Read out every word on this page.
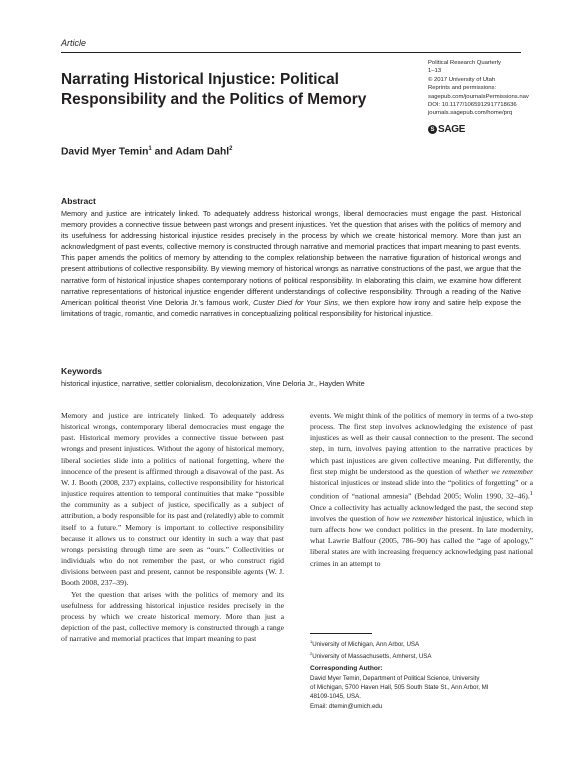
Article
Narrating Historical Injustice: Political Responsibility and the Politics of Memory
Political Research Quarterly
1–13
© 2017 University of Utah
Reprints and permissions:
sagepub.com/journalsPermissions.nav
DOI: 10.1177/1065912917718636
journals.sagepub.com/home/prq
S SAGE
David Myer Temin$^1$ and Adam Dahl$^2$
Abstract

Memory and justice are intricately linked. To adequately address historical wrongs, liberal democracies must engage the past. Historical memory provides a connective tissue between past wrongs and present injustices. Yet the question that arises with the politics of memory and its usefulness for addressing historical injustice resides precisely in the process by which we create historical memory. More than just an acknowledgment of past events, collective memory is constructed through narrative and memorial practices that impart meaning to past events. This paper amends the politics of memory by attending to the complex relationship between the narrative figuration of historical wrongs and present attributions of collective responsibility. By viewing memory of historical wrongs as narrative constructions of the past, we argue that the narrative form of historical injustice shapes contemporary notions of political responsibility. In elaborating this claim, we examine how different narrative representations of historical injustice engender different understandings of collective responsibility. Through a reading of the Native American political theorist Vine Deloria Jr.’s famous work, Custer Died for Your Sins, we then explore how irony and satire help expose the limitations of tragic, romantic, and comedic narratives in conceptualizing political responsibility for historical injustice.

Keywords
historical injustice, narrative, settler colonialism, decolonization, Vine Deloria Jr., Hayden White

Memory and justice are intricately linked. To adequately address historical wrongs, contemporary liberal democracies must engage the past. Historical memory provides a connective tissue between past wrongs and present injustices. Without the agony of historical memory, liberal societies slide into a politics of national forgetting, where the innocence of the present is affirmed through a disavowal of the past. As W. J. Booth (2008, 237) explains, collective responsibility for historical injustice requires attention to temporal continuities that make “possible the community as a subject of justice, specifically as a subject of attribution, a body responsible for its past and (relatedly) able to commit itself to a future.” Memory is important to collective responsibility because it allows us to construct our identity in such a way that past wrongs persisting through time are seen as “ours.” Collectivities or individuals who do not remember the past, or who construct rigid divisions between past and present, cannot be responsible agents (W. J. Booth 2008, 237–39).

Yet the question that arises with the politics of memory and its usefulness for addressing historical injustice resides precisely in the process by which we create historical memory. More than just a depiction of the past, collective memory is constructed through a range of narrative and memorial practices that impart meaning to past

events. We might think of the politics of memory in terms of a two-step process. The first step involves acknowledging the existence of past injustices as well as their causal connection to the present. The second step, in turn, involves paying attention to the narrative practices by which past injustices are given collective meaning. Put differently, the first step might be understood as the question of whether we remember historical injustices or instead slide into the “politics of forgetting” or a condition of “national amnesia” (Behdad 2005; Wolin 1990, 32–46).$^1$ Once a collectivity has actually acknowledged the past, the second step involves the question of how we remember historical injustice, which in turn affects how we conduct politics in the present. In late modernity, what Lawrie Balfour (2005, 786–90) has called the “age of apology,” liberal states are with increasing frequency acknowledging past national crimes in an attempt to

$^1$University of Michigan, Ann Arbor, USA
$^2$University of Massachusetts, Amherst, USA
Corresponding Author:
David Myer Temin, Department of Political Science, University
of Michigan, 5700 Haven Hall, 505 South State St., Ann Arbor, MI
48109-1045, USA.
Email: dtemin@umich.edu
